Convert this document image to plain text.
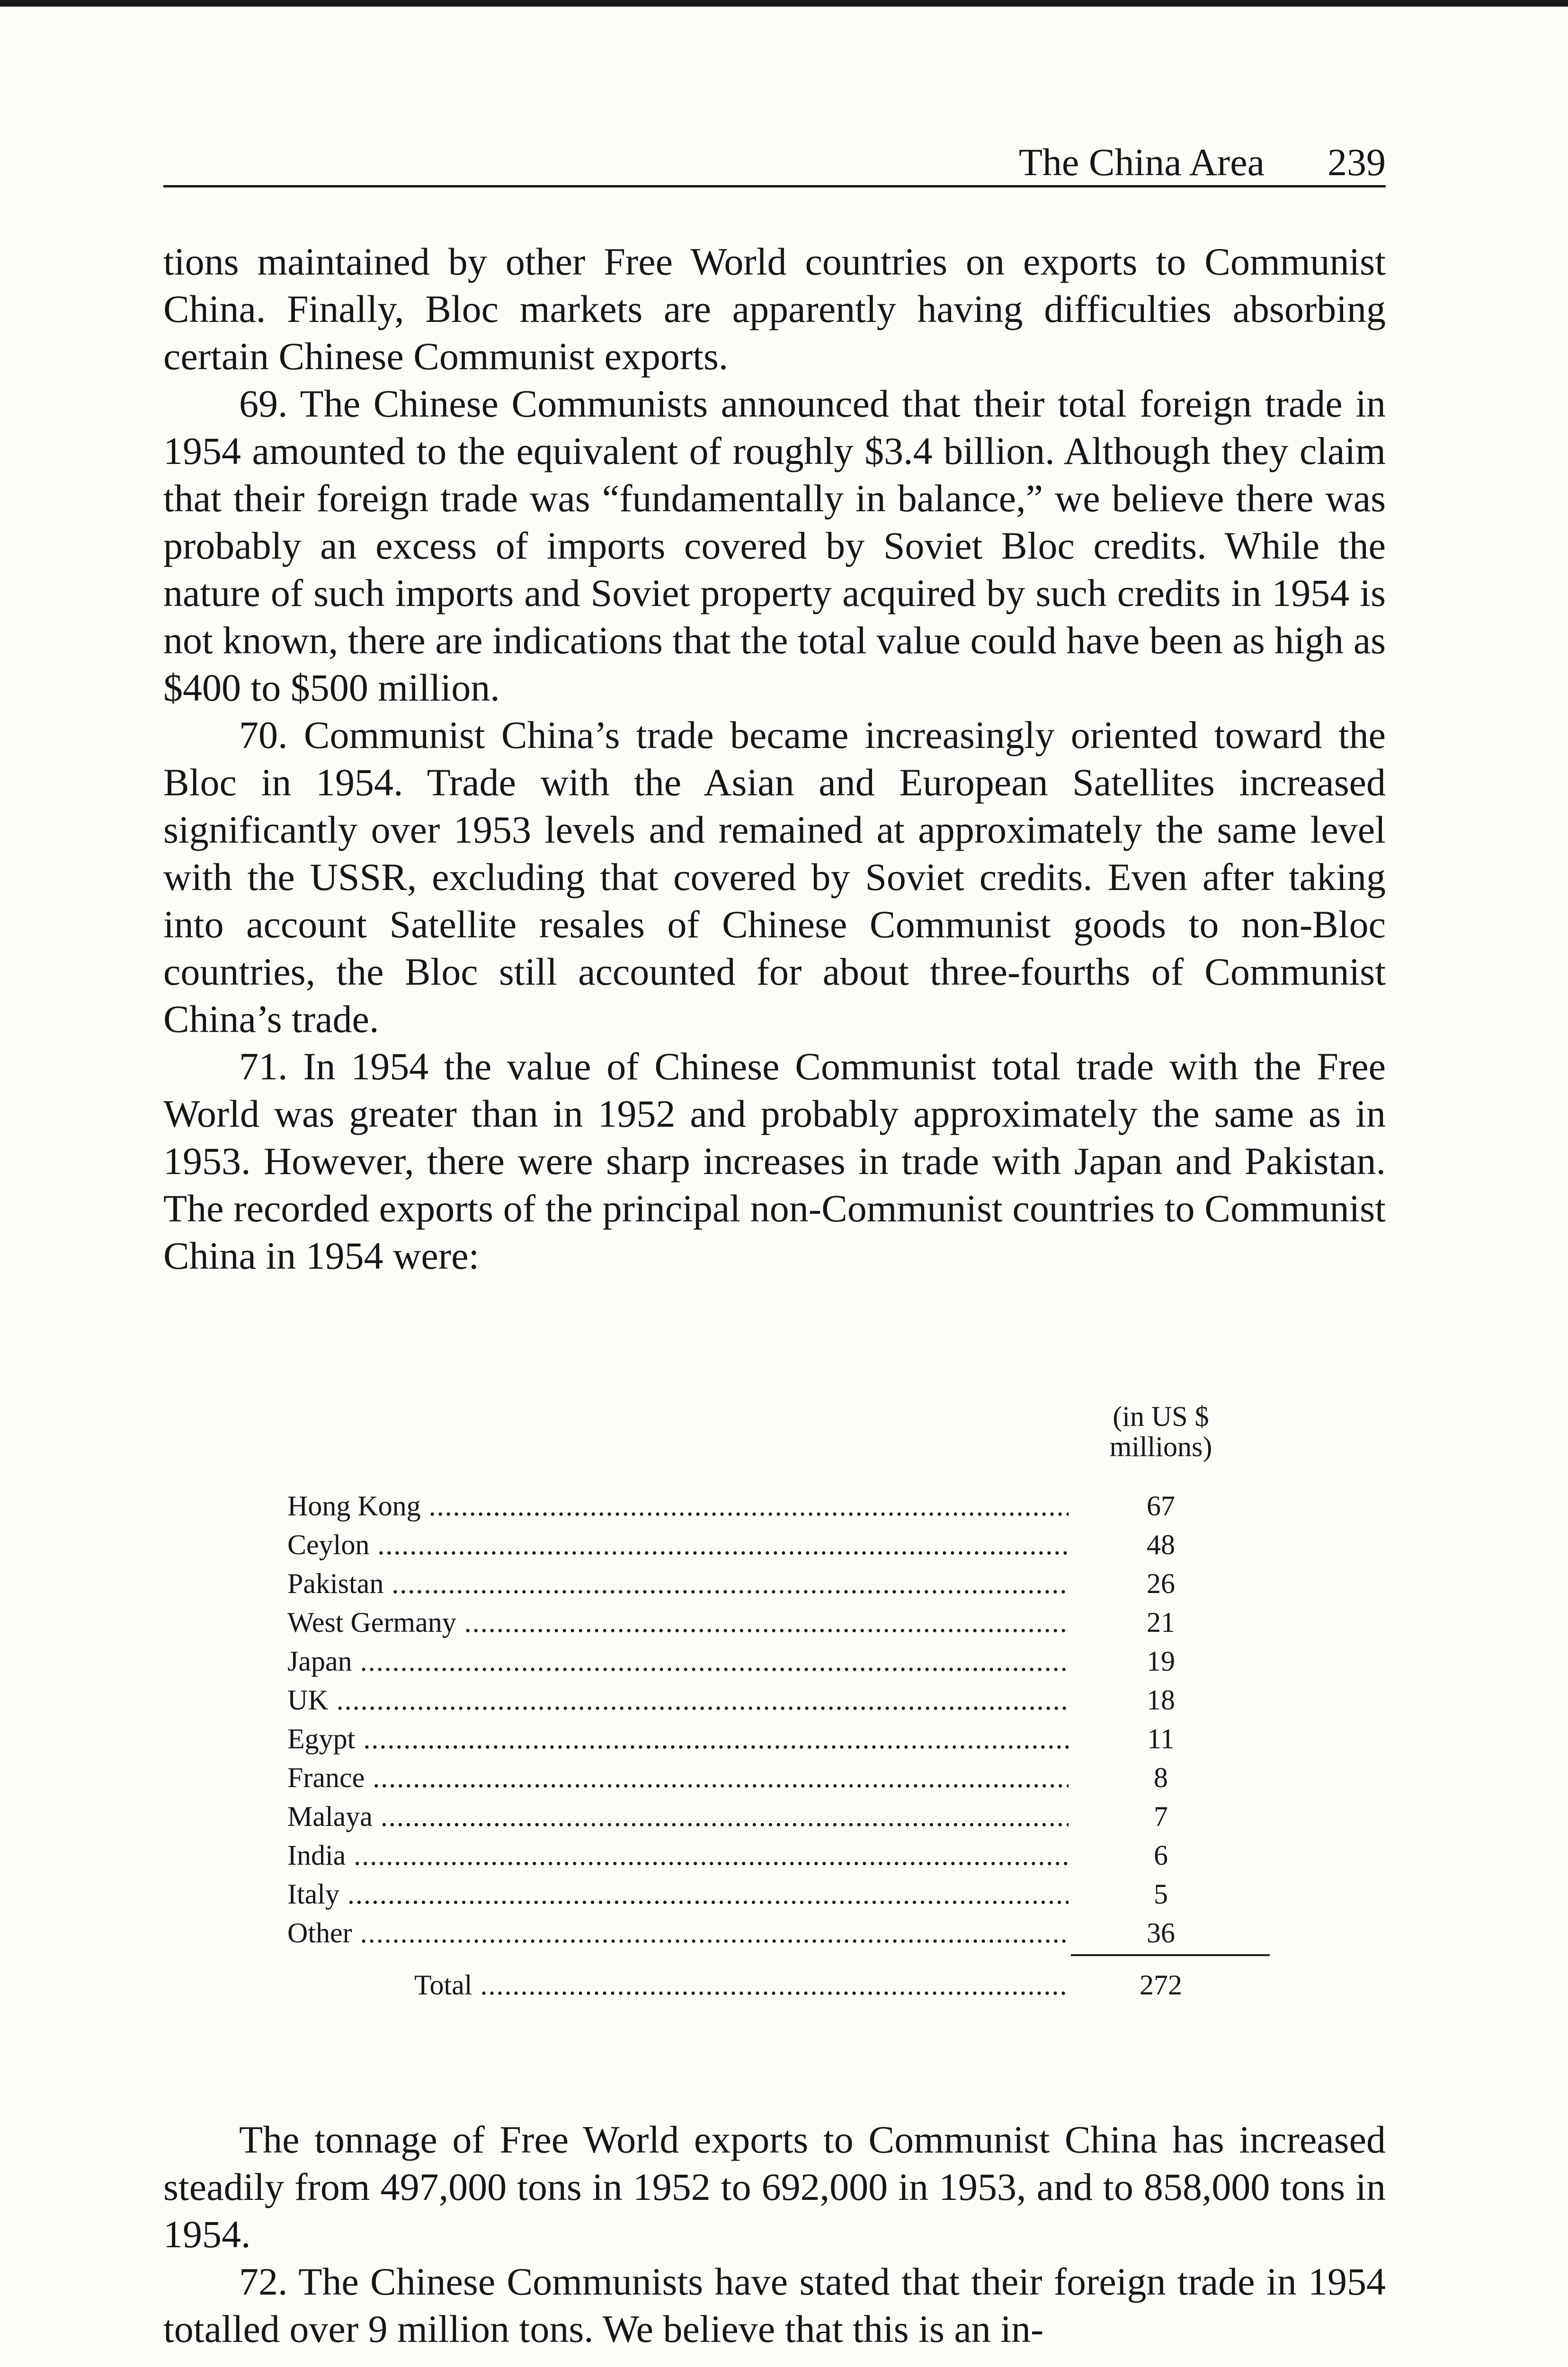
The China Area 239

tions maintained by other Free World countries on exports to Communist China. Finally, Bloc markets are apparently having difficulties absorbing certain Chinese Communist exports.

69. The Chinese Communists announced that their total foreign trade in 1954 amounted to the equivalent of roughly $3.4 billion. Although they claim that their foreign trade was “fundamentally in balance,” we believe there was probably an excess of imports covered by Soviet Bloc credits. While the nature of such imports and Soviet property acquired by such credits in 1954 is not known, there are indications that the total value could have been as high as $400 to $500 million.

70. Communist China’s trade became increasingly oriented toward the Bloc in 1954. Trade with the Asian and European Satellites increased significantly over 1953 levels and remained at approximately the same level with the USSR, excluding that covered by Soviet credits. Even after taking into account Satellite resales of Chinese Communist goods to non-Bloc countries, the Bloc still accounted for about three-fourths of Communist China’s trade.

71. In 1954 the value of Chinese Communist total trade with the Free World was greater than in 1952 and probably approximately the same as in 1953. However, there were sharp increases in trade with Japan and Pakistan. The recorded exports of the principal non-Communist countries to Communist China in 1954 were:

(in US $
millions)
Hong Kong .....	67
Ceylon .....	48
Pakistan .....	26
West Germany .....	21
Japan .....	19
UK .....	18
Egypt .....	11
France .....	8
Malaya .....	7
India .....	6
Italy .....	5
Other .....	36
Total .....	272

The tonnage of Free World exports to Communist China has increased steadily from 497,000 tons in 1952 to 692,000 in 1953, and to 858,000 tons in 1954.

72. The Chinese Communists have stated that their foreign trade in 1954 totalled over 9 million tons. We believe that this is an in-
